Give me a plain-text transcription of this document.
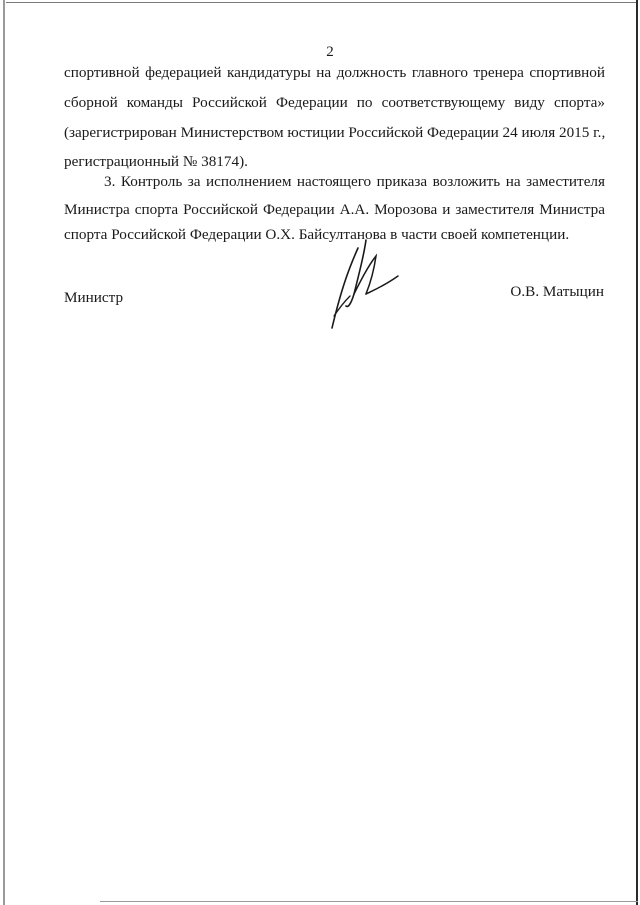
2
спортивной федерацией кандидатуры на должность главного тренера спортивной
сборной команды Российской Федерации по соответствующему виду спорта»
(зарегистрирован Министерством юстиции Российской Федерации 24 июля 2015 г.,
регистрационный № 38174).
3. Контроль за исполнением настоящего приказа возложить на заместителя
Министра спорта Российской Федерации А.А. Морозова и заместителя Министра
спорта Российской Федерации О.Х. Байсултанова в части своей компетенции.
Министр	О.В. Матыцин
